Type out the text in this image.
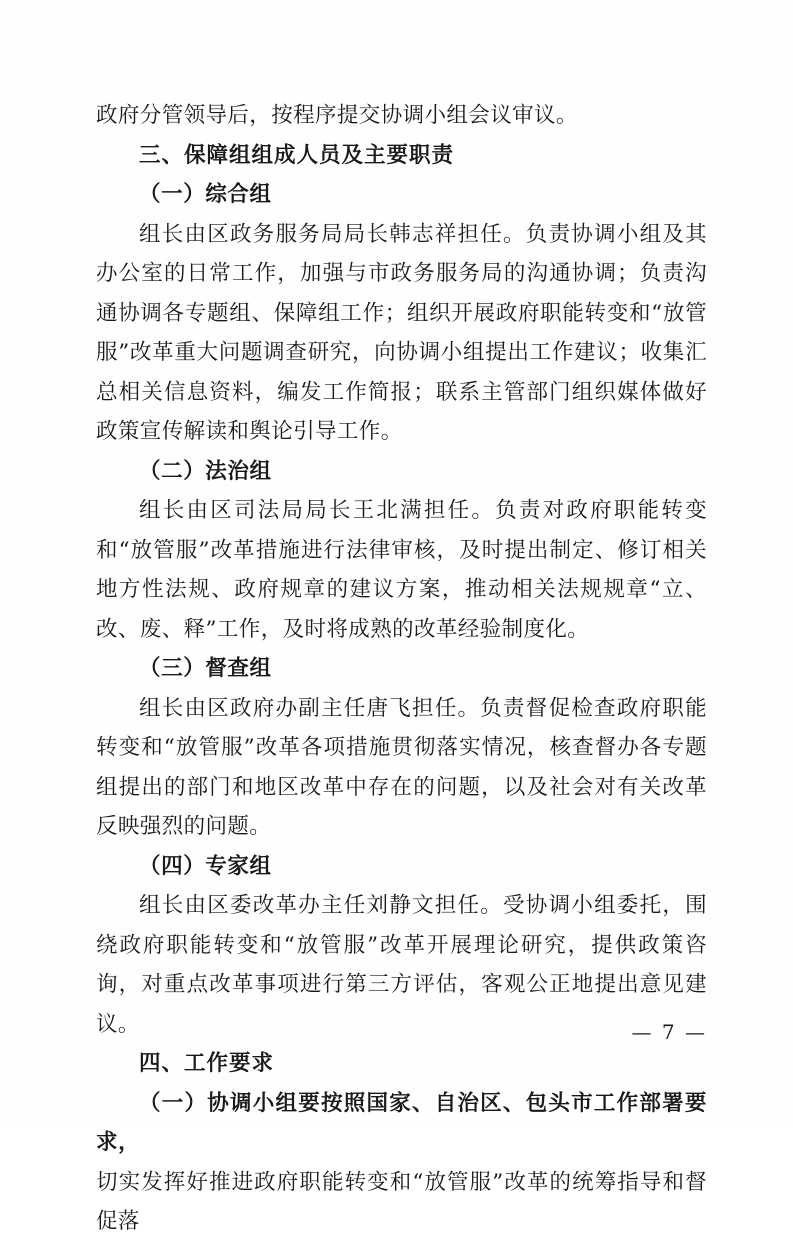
政府分管领导后，按程序提交协调小组会议审议。

三、保障组组成人员及主要职责

（一）综合组

组长由区政务服务局局长韩志祥担任。负责协调小组及其办公室的日常工作，加强与市政务服务局的沟通协调；负责沟通协调各专题组、保障组工作；组织开展政府职能转变和“放管服”改革重大问题调查研究，向协调小组提出工作建议；收集汇总相关信息资料，编发工作简报；联系主管部门组织媒体做好政策宣传解读和舆论引导工作。

（二）法治组

组长由区司法局局长王北满担任。负责对政府职能转变和“放管服”改革措施进行法律审核，及时提出制定、修订相关地方性法规、政府规章的建议方案，推动相关法规规章“立、改、废、释”工作，及时将成熟的改革经验制度化。

（三）督查组

组长由区政府办副主任唐飞担任。负责督促检查政府职能转变和“放管服”改革各项措施贯彻落实情况，核查督办各专题组提出的部门和地区改革中存在的问题，以及社会对有关改革反映强烈的问题。

（四）专家组

组长由区委改革办主任刘静文担任。受协调小组委托，围绕政府职能转变和“放管服”改革开展理论研究，提供政策咨询，对重点改革事项进行第三方评估，客观公正地提出意见建议。

四、工作要求

（一）协调小组要按照国家、自治区、包头市工作部署要求，

切实发挥好推进政府职能转变和“放管服”改革的统筹指导和督促落

— 7 —
